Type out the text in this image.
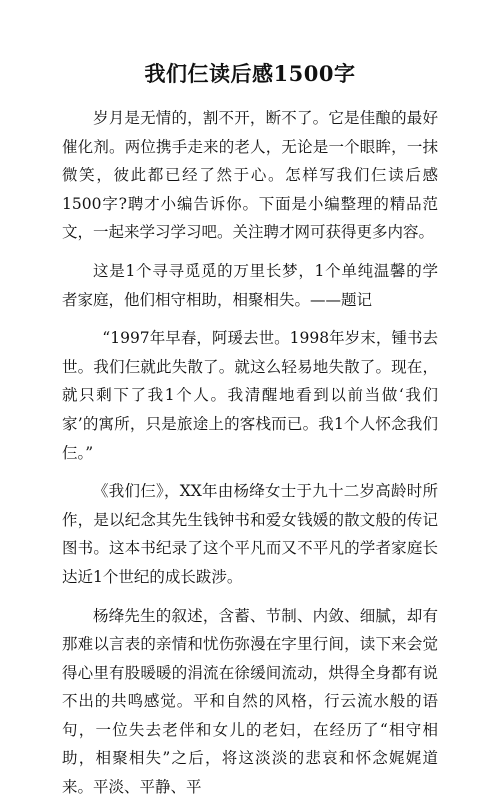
我们仨读后感1500字

岁月是无情的，割不开，断不了。它是佳酿的最好催化剂。两位携手走来的老人，无论是一个眼眸，一抹微笑，彼此都已经了然于心。怎样写我们仨读后感1500字?聘才小编告诉你。下面是小编整理的精品范文，一起来学习学习吧。关注聘才网可获得更多内容。

这是1个寻寻觅觅的万里长梦，1个单纯温馨的学者家庭，他们相守相助，相聚相失。——题记

“1997年早春，阿瑗去世。1998年岁末，锺书去世。我们仨就此失散了。就这么轻易地失散了。现在，就只剩下了我1个人。我清醒地看到以前当做‘我们家’的寓所，只是旅途上的客栈而已。我1个人怀念我们仨。”

《我们仨》，XX年由杨绛女士于九十二岁高龄时所作，是以纪念其先生钱钟书和爱女钱媛的散文般的传记图书。这本书纪录了这个平凡而又不平凡的学者家庭长达近1个世纪的成长跋涉。

杨绛先生的叙述，含蓄、节制、内敛、细腻，却有那难以言表的亲情和忧伤弥漫在字里行间，读下来会觉得心里有股暖暖的涓流在徐缓间流动，烘得全身都有说不出的共鸣感觉。平和自然的风格，行云流水般的语句，一位失去老伴和女儿的老妇，在经历了“相守相助，相聚相失”之后，将这淡淡的悲哀和怀念娓娓道来。平淡、平静、平
